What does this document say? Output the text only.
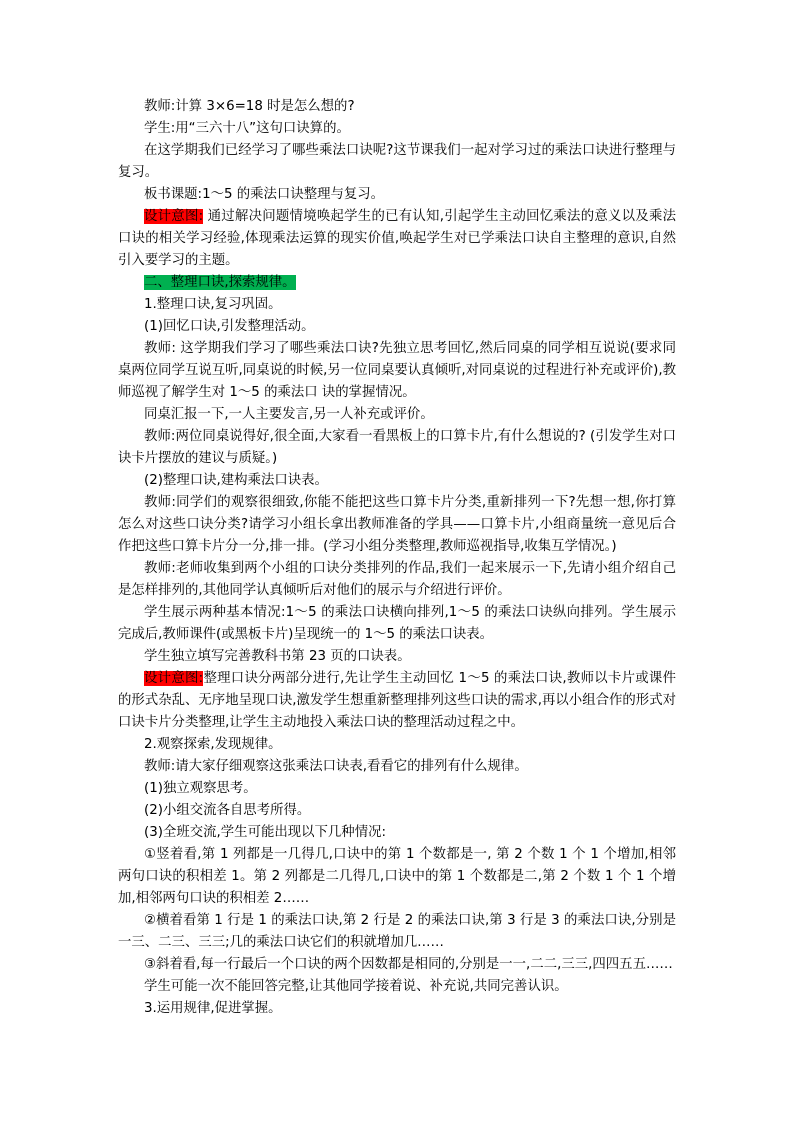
教师:计算 3×6=18 时是怎么想的?

学生:用“三六十八”这句口诀算的。

在这学期我们已经学习了哪些乘法口诀呢?这节课我们一起对学习过的乘法口诀进行整理与复习。

板书课题:1～5 的乘法口诀整理与复习。

设计意图: 通过解决问题情境唤起学生的已有认知,引起学生主动回忆乘法的意义以及乘法口诀的相关学习经验,体现乘法运算的现实价值,唤起学生对已学乘法口诀自主整理的意识,自然引入要学习的主题。

二、整理口诀,探索规律。

1.整理口诀,复习巩固。

(1)回忆口诀,引发整理活动。

教师: 这学期我们学习了哪些乘法口诀?先独立思考回忆,然后同桌的同学相互说说(要求同桌两位同学互说互听,同桌说的时候,另一位同桌要认真倾听,对同桌说的过程进行补充或评价),教师巡视了解学生对 1～5 的乘法口 诀的掌握情况。

同桌汇报一下,一人主要发言,另一人补充或评价。

教师:两位同桌说得好,很全面,大家看一看黑板上的口算卡片,有什么想说的? (引发学生对口诀卡片摆放的建议与质疑。)

(2)整理口诀,建构乘法口诀表。

教师:同学们的观察很细致,你能不能把这些口算卡片分类,重新排列一下?先想一想,你打算怎么对这些口诀分类?请学习小组长拿出教师准备的学具——口算卡片,小组商量统一意见后合作把这些口算卡片分一分,排一排。(学习小组分类整理,教师巡视指导,收集互学情况。)

教师:老师收集到两个小组的口诀分类排列的作品,我们一起来展示一下,先请小组介绍自己是怎样排列的,其他同学认真倾听后对他们的展示与介绍进行评价。

学生展示两种基本情况:1～5 的乘法口诀横向排列,1～5 的乘法口诀纵向排列。学生展示完成后,教师课件(或黑板卡片)呈现统一的 1～5 的乘法口诀表。

学生独立填写完善教科书第 23 页的口诀表。

设计意图:整理口诀分两部分进行,先让学生主动回忆 1～5 的乘法口诀,教师以卡片或课件的形式杂乱、无序地呈现口诀,激发学生想重新整理排列这些口诀的需求,再以小组合作的形式对口诀卡片分类整理,让学生主动地投入乘法口诀的整理活动过程之中。

2.观察探索,发现规律。

教师:请大家仔细观察这张乘法口诀表,看看它的排列有什么规律。

(1)独立观察思考。

(2)小组交流各自思考所得。

(3)全班交流,学生可能出现以下几种情况:

①竖着看,第 1 列都是一几得几,口诀中的第 1 个数都是一, 第 2 个数 1 个 1 个增加,相邻两句口诀的积相差 1。第 2 列都是二几得几,口诀中的第 1 个数都是二,第 2 个数 1 个 1 个增加,相邻两句口诀的积相差 2……

②横着看第 1 行是 1 的乘法口诀,第 2 行是 2 的乘法口诀,第 3 行是 3 的乘法口诀,分别是一三、二三、三三;几的乘法口诀它们的积就增加几……

③斜着看,每一行最后一个口诀的两个因数都是相同的,分别是一一,二二,三三,四四五五……

学生可能一次不能回答完整,让其他同学接着说、补充说,共同完善认识。

3.运用规律,促进掌握。
